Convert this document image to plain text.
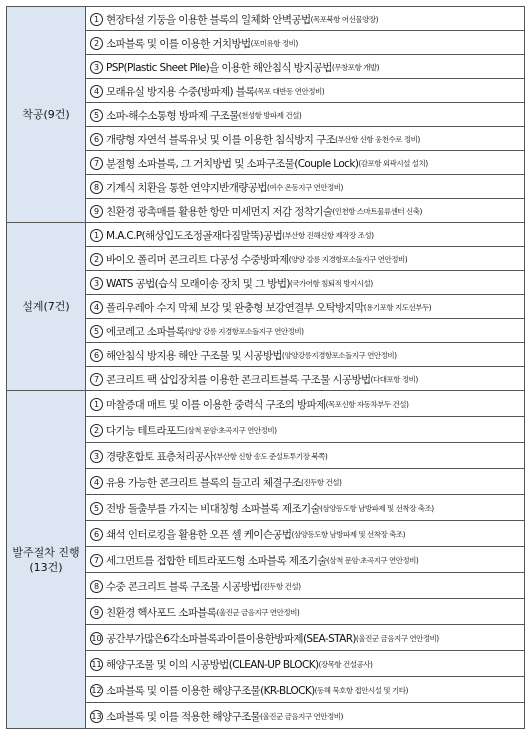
착공(9건)	1 현장타설 기둥을 이용한 블록의 일체화 안벽공법(목포북항 어선물양장)
	2 소파블록 및 이를 이용한 거치방법(포미유항 정비)
	3 PSP(Plastic Sheet Pile)을 이용한 해안침식 방지공법(무창포항 개발)
	4 모래유실 방지용 수중(방파제) 블록(목포 대반동 연안정비)
	5 소파-해수소통형 방파제 구조물(천성항 방파제 건설)
	6 개량형 자연석 블록유닛 및 이를 이용한 침식방지 구조(부산항 신항 웅천수로 정비)
	7 분절형 소파블록, 그 거치방법 및 소파구조물(Couple Lock)(감포항 외곽시설 설치)
	8 기계식 치환을 통한 연약지반개량공법(여수 온동지구 연안정비)
	9 친환경 광촉매를 활용한 항만 미세먼지 저감 정착기술(인천항 스마트물류센터 신축)
설계(7건)	1 M.A.C.P(해상입도조정골재다짐말뚝)공법(부산항 진해신항 제작장 조성)
	2 바이오 폴리머 콘크리트 다공성 수중방파제(양양 강릉 지경항포소돌지구 연안정비)
	3 WATS 공법(습식 모래이송 장치 및 그 방법)(국가어항 침퇴적 방지시설)
	4 폴리우레아 수지 막체 보강 및 완충형 보강연결부 오탁방지막(용기포항 지도선부두)
	5 에코레고 소파블록(양양 강릉 지경항포소돌지구 연안정비)
	6 해안침식 방지용 해안 구조물 및 시공방법(양양강릉지경항포소돌지구 연안정비)
	7 콘크리트 팩 삽입장치를 이용한 콘크리트블록 구조물 시공방법(다대포항 정비)
발주절차 진행
(13건)	1 마찰증대 매트 및 이를 이용한 중력식 구조의 방파제(목포신항 자동차부두 건설)
	2 다기능 테트라포드(삼척 문암·초곡지구 연안정비)
	3 경량혼합토 표층처리공사(부산항 신항 송도 준설토투기장 북쪽)
	4 유용 가능한 콘크리트 블록의 들고리 체결구조(진두항 건설)
	5 전방 돌출부를 가지는 비대칭형 소파블록 제조기술(삼양등도항 남방파제 및 선착장 축조)
	6 쇄석 인터로킹을 활용한 오픈 셀 케이슨공법(삼양등도항 남방파제 및 선착장 축조)
	7 세그먼트를 접합한 테트라포드형 소파블록 제조기술(삼척 문암·초곡지구 연안정비)
	8 수중 콘크리트 블록 구조물 시공방법(진두항 건설)
	9 친환경 헥사포드 소파블록(울진군 금음지구 연안정비)
	10 공간부가많은6각소파블록과이를이용한방파제(SEA-STAR)(울진군 금음지구 연안정비)
	11 해양구조물 및 이의 시공방법(CLEAN-UP BLOCK)(장목항 건설공사)
	12 소파블록 및 이를 이용한 해양구조물(KR-BLOCK)(동해 묵호항 접안시설 및 기타)
	13 소파블록 및 이를 적용한 해양구조물(울진군 금음지구 연안정비)
